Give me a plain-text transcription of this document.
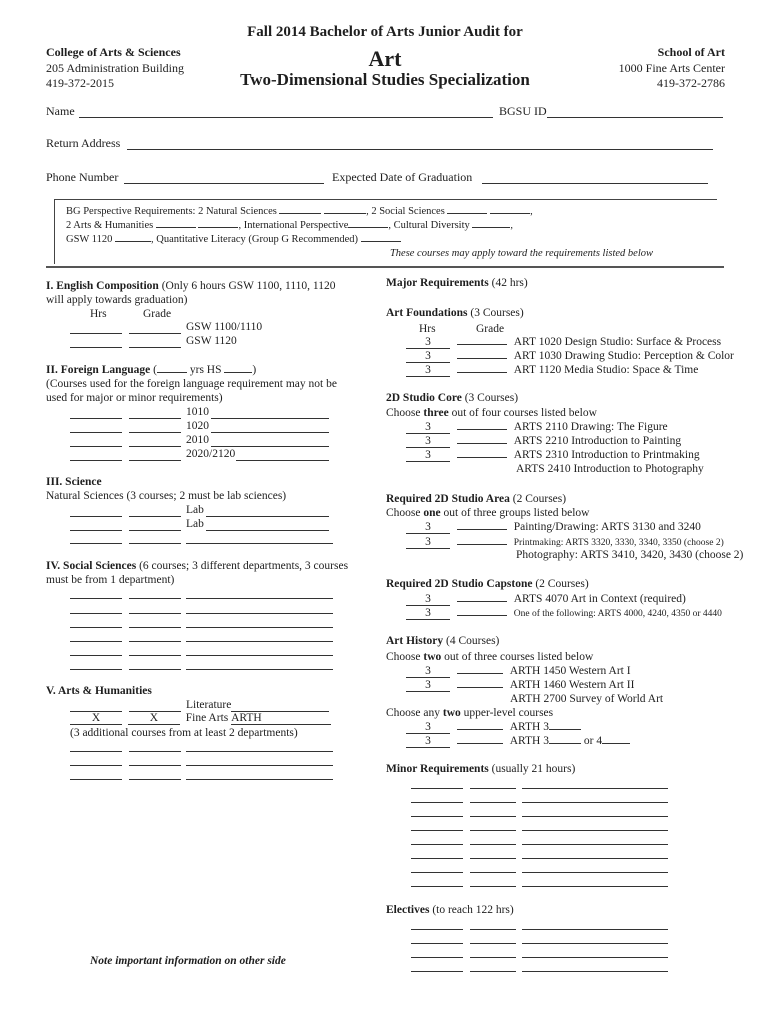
Fall 2014 Bachelor of Arts Junior Audit for
Art
Two-Dimensional Studies Specialization
College of Arts & Sciences
205 Administration Building
419-372-2015
School of Art
1000 Fine Arts Center
419-372-2786
Name	BGSU ID
Return Address
Phone Number	Expected Date of Graduation
BG Perspective Requirements: 2 Natural Sciences	, 2 Social Sciences	,
2 Arts & Humanities	, International Perspective	, Cultural Diversity	,
GSW 1120	, Quantitative Literacy (Group G Recommended)
These courses may apply toward the requirements listed below
I. English Composition (Only 6 hours GSW 1100, 1110, 1120
will apply towards graduation)
Hrs	Grade
GSW 1100/1110
GSW 1120
II. Foreign Language (	yrs HS	)
(Courses used for the foreign language requirement may not be
used for major or minor requirements)
1010
1020
2010
2020/2120
III. Science
Natural Sciences (3 courses; 2 must be lab sciences)
Lab
Lab
IV. Social Sciences (6 courses; 3 different departments, 3 courses
must be from 1 department)
V. Arts & Humanities
Literature
X	X Fine Arts ARTH
(3 additional courses from at least 2 departments)
Note important information on other side
Major Requirements (42 hrs)
Art Foundations (3 Courses)
Hrs	Grade
3	ART 1020 Design Studio: Surface & Process
3	ART 1030 Drawing Studio: Perception & Color
3	ART 1120 Media Studio: Space & Time
2D Studio Core (3 Courses)
Choose three out of four courses listed below
3	ARTS 2110 Drawing: The Figure
3	ARTS 2210 Introduction to Painting
3	ARTS 2310 Introduction to Printmaking
ARTS 2410 Introduction to Photography
Required 2D Studio Area (2 Courses)
Choose one out of three groups listed below
3	Painting/Drawing: ARTS 3130 and 3240
3	Printmaking: ARTS 3320, 3330, 3340, 3350 (choose 2)
Photography: ARTS 3410, 3420, 3430 (choose 2)
Required 2D Studio Capstone (2 Courses)
3	ARTS 4070 Art in Context (required)
3	One of the following: ARTS 4000, 4240, 4350 or 4440
Art History (4 Courses)
Choose two out of three courses listed below
3	ARTH 1450 Western Art I
3	ARTH 1460 Western Art II
ARTH 2700 Survey of World Art
Choose any two upper-level courses
3	ARTH 3
3	ARTH 3	or 4
Minor Requirements (usually 21 hours)
Electives (to reach 122 hrs)
